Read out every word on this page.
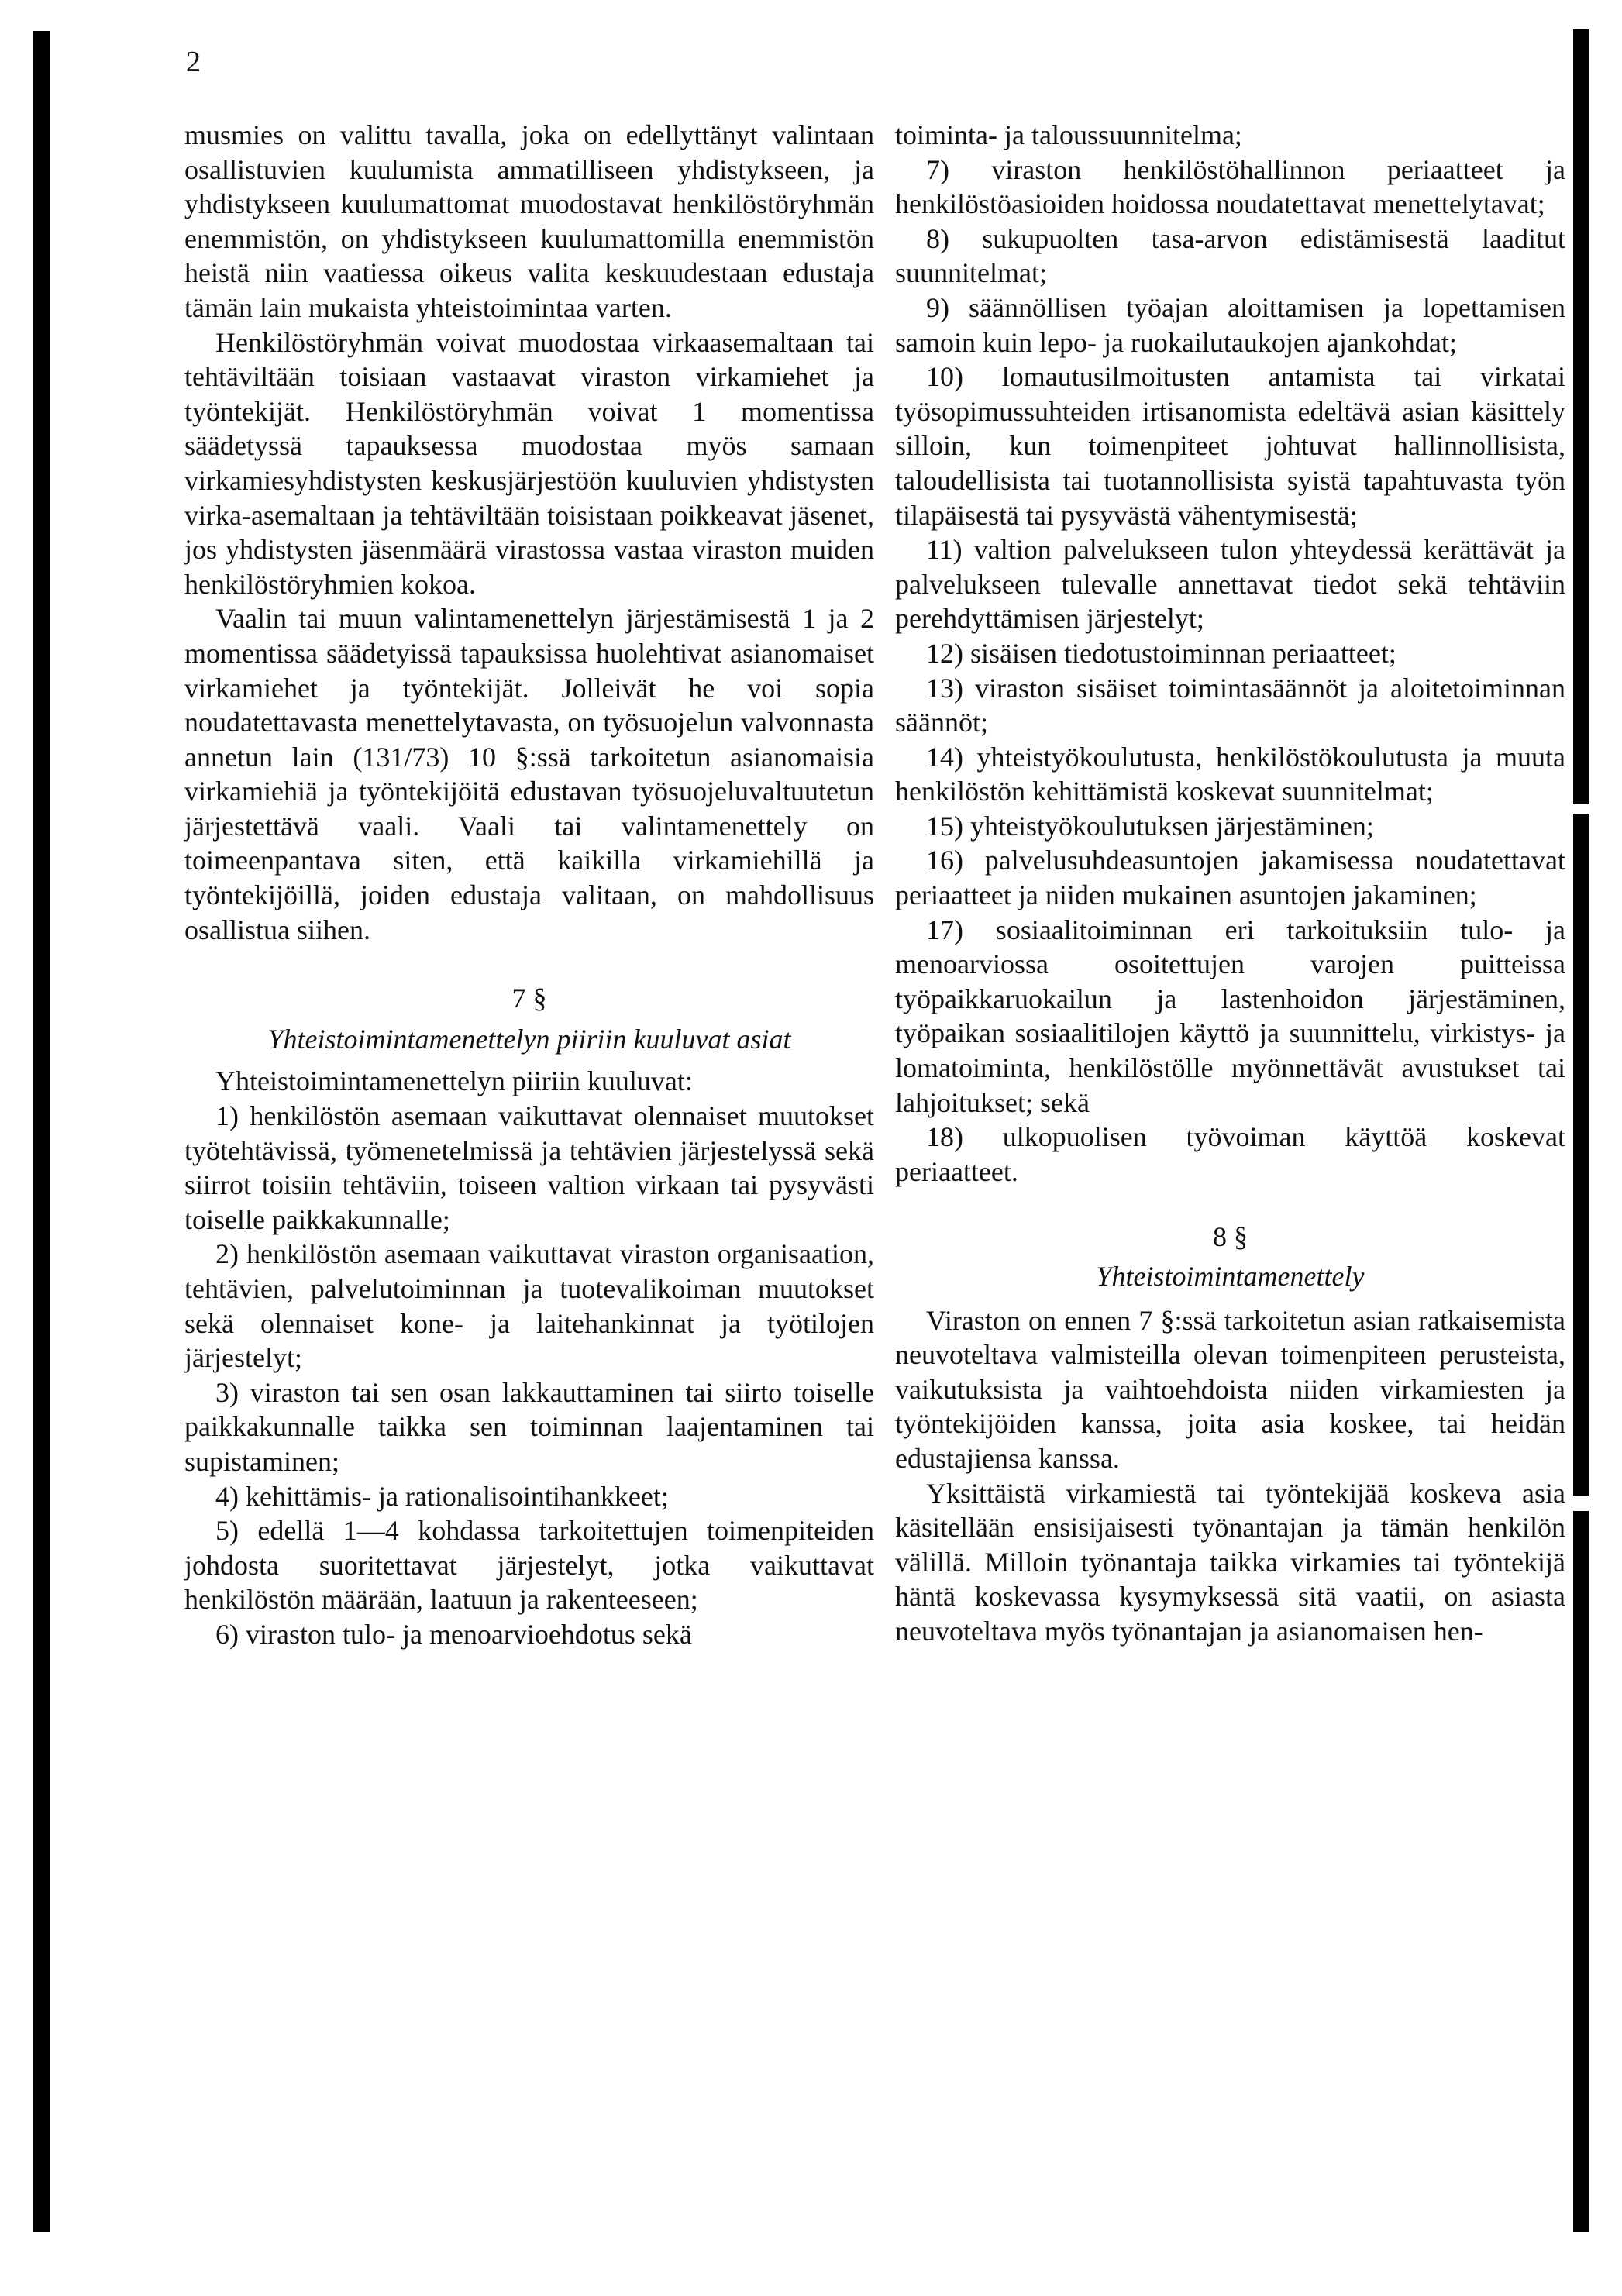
2

musmies on valittu tavalla, joka on edellyttänyt valintaan osallistuvien kuulumista ammatilliseen yhdistykseen, ja yhdistykseen kuulumattomat muodostavat henkilöstöryhmän enemmistön, on yhdistykseen kuulumattomilla enemmistön heistä niin vaatiessa oikeus valita keskuudestaan edustaja tämän lain mukaista yhteistoimintaa varten.

Henkilöstöryhmän voivat muodostaa virkaasemaltaan tai tehtäviltään toisiaan vastaavat viraston virkamiehet ja työntekijät. Henkilöstöryhmän voivat 1 momentissa säädetyssä tapauksessa muodostaa myös samaan virkamiesyhdistysten keskusjärjestöön kuuluvien yhdistysten virka-asemaltaan ja tehtäviltään toisistaan poikkeavat jäsenet, jos yhdistysten jäsenmäärä virastossa vastaa viraston muiden henkilöstöryhmien kokoa.

Vaalin tai muun valintamenettelyn järjestämisestä 1 ja 2 momentissa säädetyissä tapauksissa huolehtivat asianomaiset virkamiehet ja työntekijät. Jolleivät he voi sopia noudatettavasta menettelytavasta, on työsuojelun valvonnasta annetun lain (131/73) 10 §:ssä tarkoitetun asianomaisia virkamiehiä ja työntekijöitä edustavan työsuojeluvaltuutetun järjestettävä vaali. Vaali tai valintamenettely on toimeenpantava siten, että kaikilla virkamiehillä ja työntekijöillä, joiden edustaja valitaan, on mahdollisuus osallistua siihen.

7 §

Yhteistoimintamenettelyn piiriin kuuluvat asiat

Yhteistoimintamenettelyn piiriin kuuluvat:

1) henkilöstön asemaan vaikuttavat olennaiset muutokset työtehtävissä, työmenetelmissä ja tehtävien järjestelyssä sekä siirrot toisiin tehtäviin, toiseen valtion virkaan tai pysyvästi toiselle paikkakunnalle;

2) henkilöstön asemaan vaikuttavat viraston organisaation, tehtävien, palvelutoiminnan ja tuotevalikoiman muutokset sekä olennaiset kone- ja laitehankinnat ja työtilojen järjestelyt;

3) viraston tai sen osan lakkauttaminen tai siirto toiselle paikkakunnalle taikka sen toiminnan laajentaminen tai supistaminen;

4) kehittämis- ja rationalisointihankkeet;

5) edellä 1—4 kohdassa tarkoitettujen toimenpiteiden johdosta suoritettavat järjestelyt, jotka vaikuttavat henkilöstön määrään, laatuun ja rakenteeseen;

6) viraston tulo- ja menoarvioehdotus sekä

toiminta- ja taloussuunnitelma;

7) viraston henkilöstöhallinnon periaatteet ja henkilöstöasioiden hoidossa noudatettavat menettelytavat;

8) sukupuolten tasa-arvon edistämisestä laaditut suunnitelmat;

9) säännöllisen työajan aloittamisen ja lopettamisen samoin kuin lepo- ja ruokailutaukojen ajankohdat;

10) lomautusilmoitusten antamista tai virkatai työsopimussuhteiden irtisanomista edeltävä asian käsittely silloin, kun toimenpiteet johtuvat hallinnollisista, taloudellisista tai tuotannollisista syistä tapahtuvasta työn tilapäisestä tai pysyvästä vähentymisestä;

11) valtion palvelukseen tulon yhteydessä kerättävät ja palvelukseen tulevalle annettavat tiedot sekä tehtäviin perehdyttämisen järjestelyt;

12) sisäisen tiedotustoiminnan periaatteet;

13) viraston sisäiset toimintasäännöt ja aloitetoiminnan säännöt;

14) yhteistyökoulutusta, henkilöstökoulutusta ja muuta henkilöstön kehittämistä koskevat suunnitelmat;

15) yhteistyökoulutuksen järjestäminen;

16) palvelusuhdeasuntojen jakamisessa noudatettavat periaatteet ja niiden mukainen asuntojen jakaminen;

17) sosiaalitoiminnan eri tarkoituksiin tulo- ja menoarviossa osoitettujen varojen puitteissa työpaikkaruokailun ja lastenhoidon järjestäminen, työpaikan sosiaalitilojen käyttö ja suunnittelu, virkistys- ja lomatoiminta, henkilöstölle myönnettävät avustukset tai lahjoitukset; sekä

18) ulkopuolisen työvoiman käyttöä koskevat periaatteet.

8 §

Yhteistoimintamenettely

Viraston on ennen 7 §:ssä tarkoitetun asian ratkaisemista neuvoteltava valmisteilla olevan toimenpiteen perusteista, vaikutuksista ja vaihtoehdoista niiden virkamiesten ja työntekijöiden kanssa, joita asia koskee, tai heidän edustajiensa kanssa.

Yksittäistä virkamiestä tai työntekijää koskeva asia käsitellään ensisijaisesti työnantajan ja tämän henkilön välillä. Milloin työnantaja taikka virkamies tai työntekijä häntä koskevassa kysymyksessä sitä vaatii, on asiasta neuvoteltava myös työnantajan ja asianomaisen hen-
